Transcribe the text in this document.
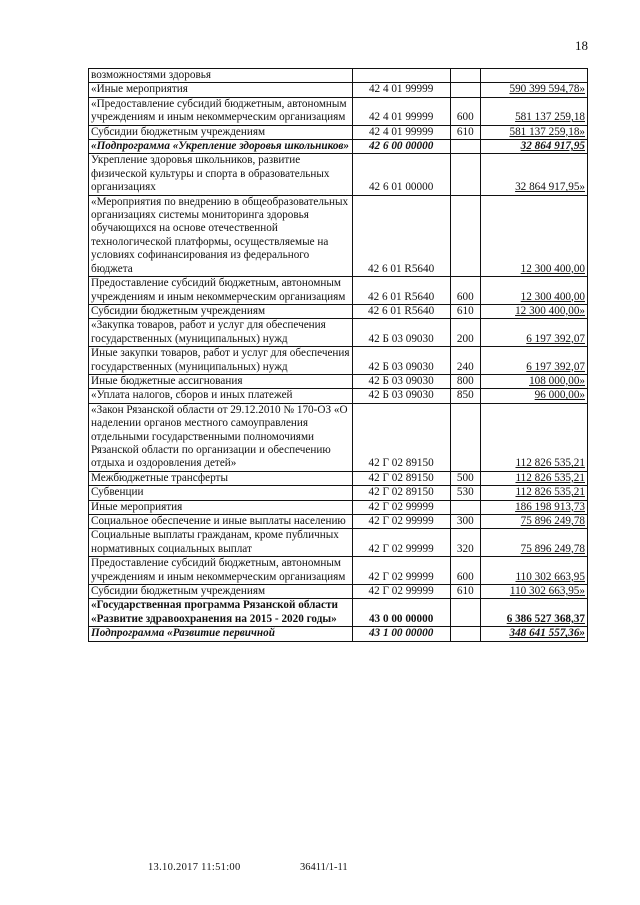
18
возможностями здоровья			
«Иные мероприятия	42 4 01 99999		590 399 594,78»
«Предоставление субсидий бюджетным, автономным учреждениям и иным некоммерческим организациям	42 4 01 99999	600	581 137 259,18
Субсидии бюджетным учреждениям	42 4 01 99999	610	581 137 259,18»
«Подпрограмма «Укрепление здоровья школьников»	42 6 00 00000		32 864 917,95
Укрепление здоровья школьников, развитие физической культуры и спорта в образовательных организациях	42 6 01 00000		32 864 917,95»
«Мероприятия по внедрению в общеобразовательных организациях системы мониторинга здоровья обучающихся на основе отечественной технологической платформы, осуществляемые на условиях софинансирования из федерального бюджета	42 6 01 R5640		12 300 400,00
Предоставление субсидий бюджетным, автономным учреждениям и иным некоммерческим организациям	42 6 01 R5640	600	12 300 400,00
Субсидии бюджетным учреждениям	42 6 01 R5640	610	12 300 400,00»
«Закупка товаров, работ и услуг для обеспечения государственных (муниципальных) нужд	42 Б 03 09030	200	6 197 392,07
Иные закупки товаров, работ и услуг для обеспечения государственных (муниципальных) нужд	42 Б 03 09030	240	6 197 392,07
Иные бюджетные ассигнования	42 Б 03 09030	800	108 000,00»
«Уплата налогов, сборов и иных платежей	42 Б 03 09030	850	96 000,00»
«Закон Рязанской области от 29.12.2010 № 170-ОЗ «О наделении органов местного самоуправления отдельными государственными полномочиями Рязанской области по организации и обеспечению отдыха и оздоровления детей»	42 Г 02 89150		112 826 535,21
Межбюджетные трансферты	42 Г 02 89150	500	112 826 535,21
Субвенции	42 Г 02 89150	530	112 826 535,21
Иные мероприятия	42 Г 02 99999		186 198 913,73
Социальное обеспечение и иные выплаты населению	42 Г 02 99999	300	75 896 249,78
Социальные выплаты гражданам, кроме публичных нормативных социальных выплат	42 Г 02 99999	320	75 896 249,78
Предоставление субсидий бюджетным, автономным учреждениям и иным некоммерческим организациям	42 Г 02 99999	600	110 302 663,95
Субсидии бюджетным учреждениям	42 Г 02 99999	610	110 302 663,95»
«Государственная программа Рязанской области «Развитие здравоохранения на 2015 - 2020 годы»	43 0 00 00000		6 386 527 368,37
Подпрограмма «Развитие первичной	43 1 00 00000		348 641 557,36»
13.10.2017 11:51:00	36411/1-11
